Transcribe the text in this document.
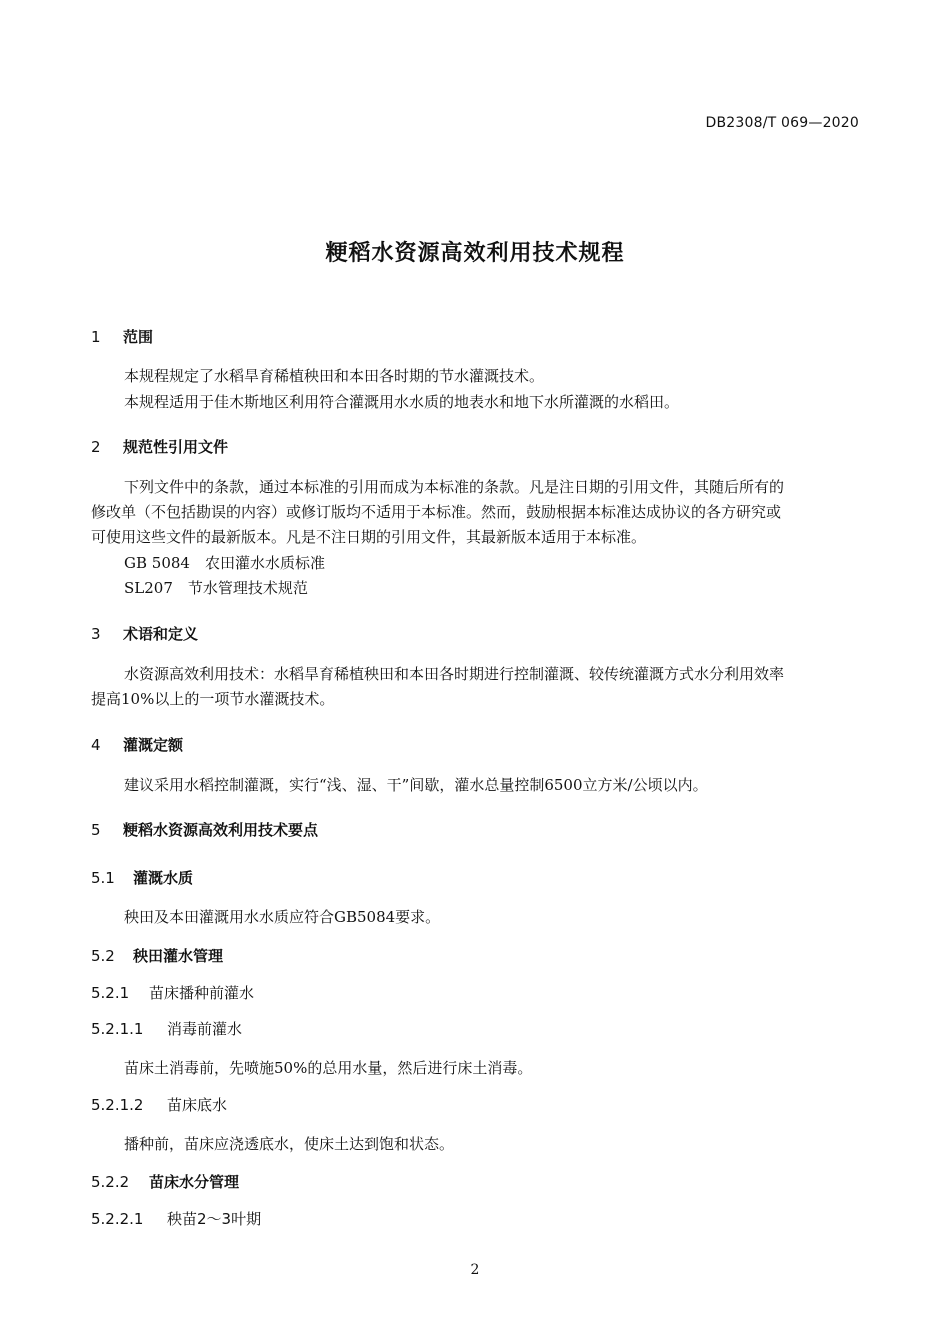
DB2308/T 069—2020
粳稻水资源高效利用技术规程
1 范围
本规程规定了水稻旱育稀植秧田和本田各时期的节水灌溉技术。
本规程适用于佳木斯地区利用符合灌溉用水水质的地表水和地下水所灌溉的水稻田。
2 规范性引用文件
下列文件中的条款，通过本标准的引用而成为本标准的条款。凡是注日期的引用文件，其随后所有的
修改单（不包括勘误的内容）或修订版均不适用于本标准。然而，鼓励根据本标准达成协议的各方研究或
可使用这些文件的最新版本。凡是不注日期的引用文件，其最新版本适用于本标准。
GB 5084　农田灌水水质标准
SL207　节水管理技术规范
3 术语和定义
水资源高效利用技术：水稻旱育稀植秧田和本田各时期进行控制灌溉、较传统灌溉方式水分利用效率
提高10%以上的一项节水灌溉技术。
4 灌溉定额
建议采用水稻控制灌溉，实行“浅、湿、干”间歇，灌水总量控制6500立方米/公顷以内。
5 粳稻水资源高效利用技术要点
5.1 灌溉水质
秧田及本田灌溉用水水质应符合GB5084要求。
5.2 秧田灌水管理
5.2.1 苗床播种前灌水
5.2.1.1 消毒前灌水
苗床土消毒前，先喷施50%的总用水量，然后进行床土消毒。
5.2.1.2 苗床底水
播种前，苗床应浇透底水，使床土达到饱和状态。
5.2.2 苗床水分管理
5.2.2.1 秧苗2～3叶期
2
